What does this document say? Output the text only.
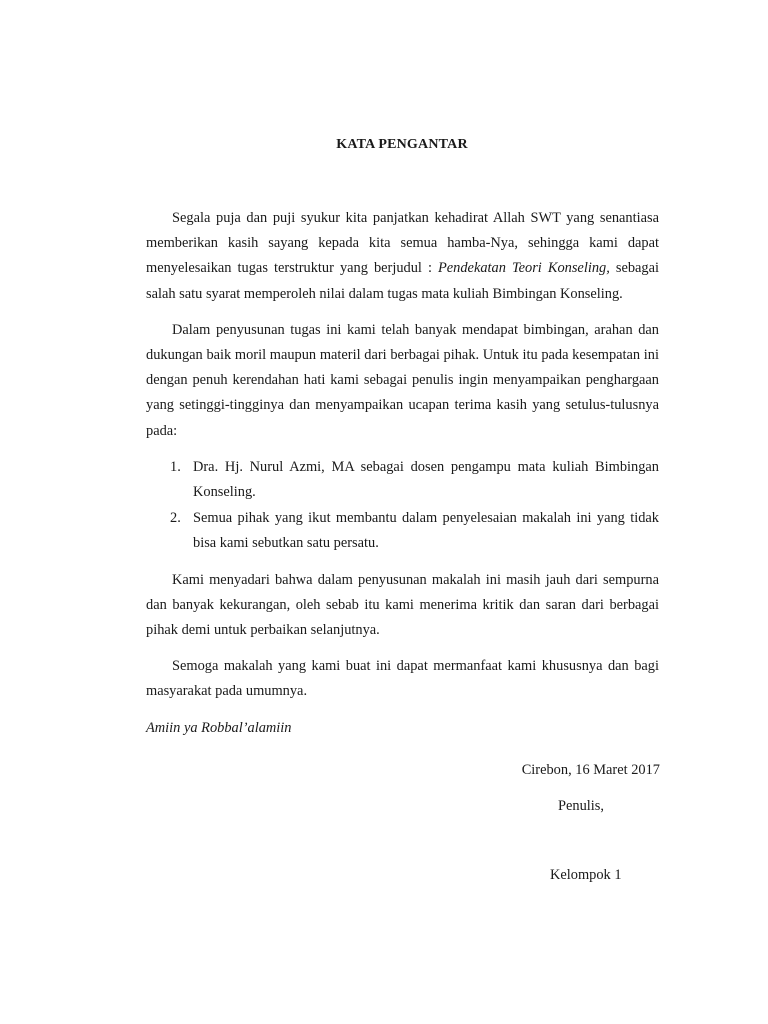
KATA PENGANTAR

Segala puja dan puji syukur kita panjatkan kehadirat Allah SWT yang senantiasa memberikan kasih sayang kepada kita semua hamba-Nya, sehingga kami dapat menyelesaikan tugas terstruktur yang berjudul : Pendekatan Teori Konseling, sebagai salah satu syarat memperoleh nilai dalam tugas mata kuliah Bimbingan Konseling.

Dalam penyusunan tugas ini kami telah banyak mendapat bimbingan, arahan dan dukungan baik moril maupun materil dari berbagai pihak. Untuk itu pada kesempatan ini dengan penuh kerendahan hati kami sebagai penulis ingin menyampaikan penghargaan yang setinggi-tingginya dan menyampaikan ucapan terima kasih yang setulus-tulusnya pada:

1. Dra. Hj. Nurul Azmi, MA sebagai dosen pengampu mata kuliah Bimbingan Konseling.
2. Semua pihak yang ikut membantu dalam penyelesaian makalah ini yang tidak bisa kami sebutkan satu persatu.

Kami menyadari bahwa dalam penyusunan makalah ini masih jauh dari sempurna dan banyak kekurangan, oleh sebab itu kami menerima kritik dan saran dari berbagai pihak demi untuk perbaikan selanjutnya.

Semoga makalah yang kami buat ini dapat mermanfaat kami khususnya dan bagi masyarakat pada umumnya.

Amiin ya Robbal’alamiin

Cirebon, 16 Maret 2017
Penulis,
Kelompok 1
